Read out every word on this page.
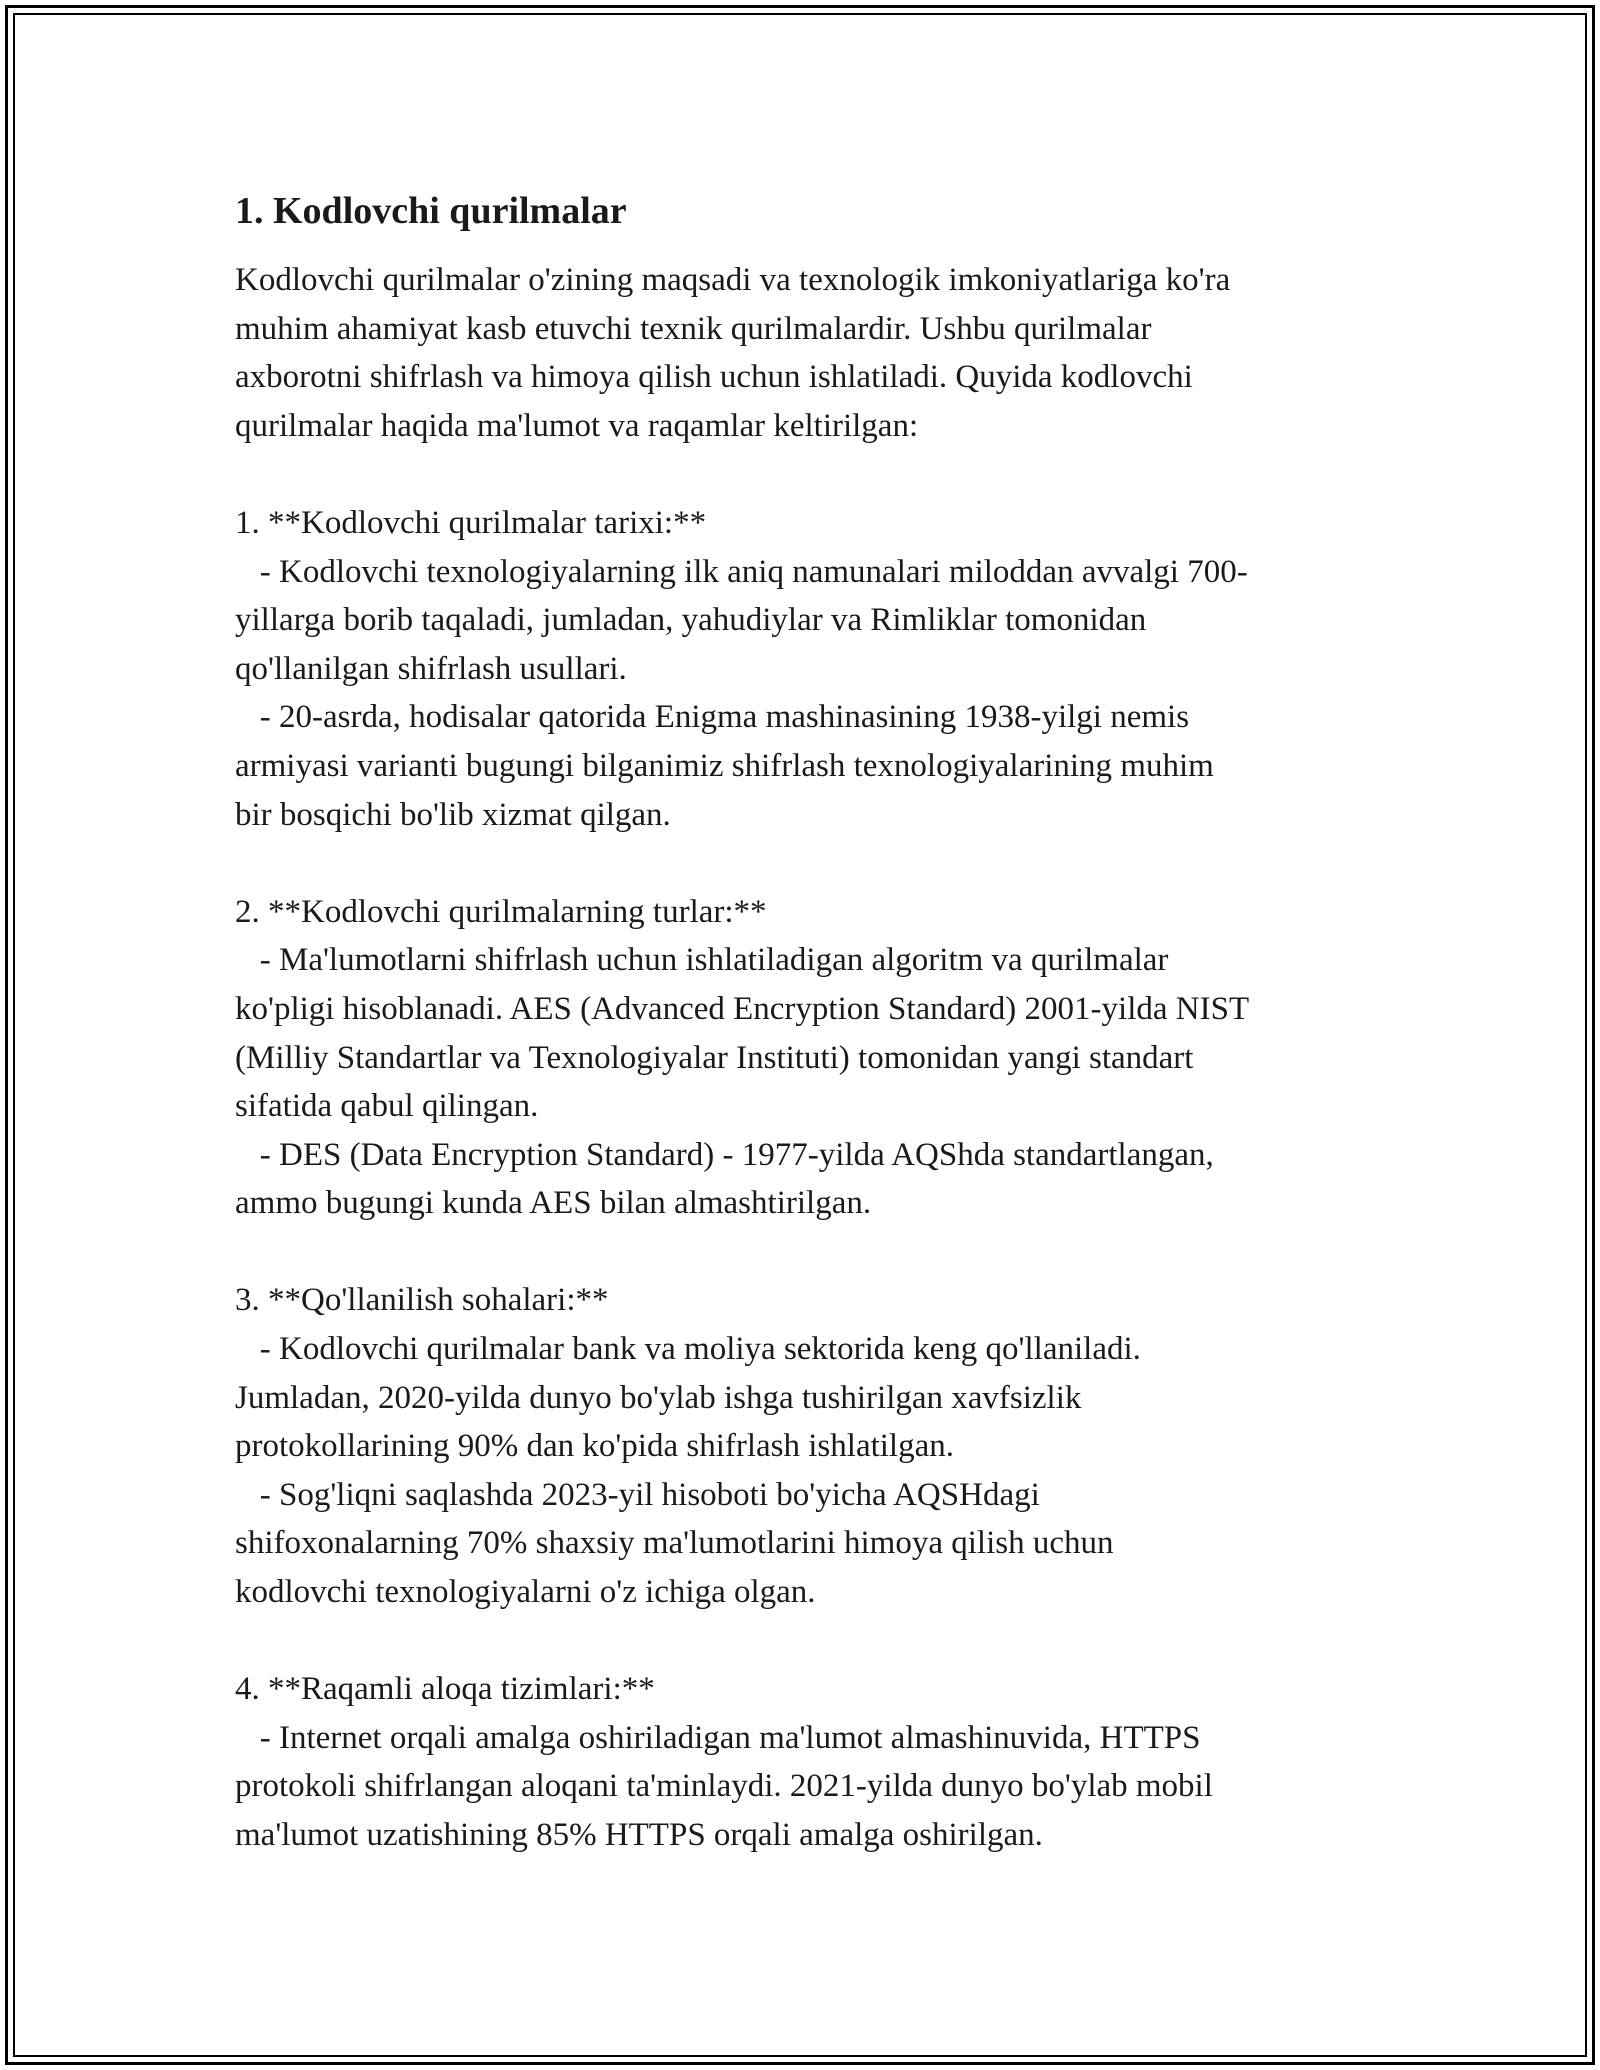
1. Kodlovchi qurilmalar

Kodlovchi qurilmalar o'zining maqsadi va texnologik imkoniyatlariga ko'ra
muhim ahamiyat kasb etuvchi texnik qurilmalardir. Ushbu qurilmalar
axborotni shifrlash va himoya qilish uchun ishlatiladi. Quyida kodlovchi
qurilmalar haqida ma'lumot va raqamlar keltirilgan:

1. **Kodlovchi qurilmalar tarixi:**
- Kodlovchi texnologiyalarning ilk aniq namunalari miloddan avvalgi 700-
yillarga borib taqaladi, jumladan, yahudiylar va Rimliklar tomonidan
qo'llanilgan shifrlash usullari.
- 20-asrda, hodisalar qatorida Enigma mashinasining 1938-yilgi nemis
armiyasi varianti bugungi bilganimiz shifrlash texnologiyalarining muhim
bir bosqichi bo'lib xizmat qilgan.

2. **Kodlovchi qurilmalarning turlar:**
- Ma'lumotlarni shifrlash uchun ishlatiladigan algoritm va qurilmalar
ko'pligi hisoblanadi. AES (Advanced Encryption Standard) 2001-yilda NIST
(Milliy Standartlar va Texnologiyalar Instituti) tomonidan yangi standart
sifatida qabul qilingan.
- DES (Data Encryption Standard) - 1977-yilda AQShda standartlangan,
ammo bugungi kunda AES bilan almashtirilgan.

3. **Qo'llanilish sohalari:**
- Kodlovchi qurilmalar bank va moliya sektorida keng qo'llaniladi.
Jumladan, 2020-yilda dunyo bo'ylab ishga tushirilgan xavfsizlik
protokollarining 90% dan ko'pida shifrlash ishlatilgan.
- Sog'liqni saqlashda 2023-yil hisoboti bo'yicha AQSHdagi
shifoxonalarning 70% shaxsiy ma'lumotlarini himoya qilish uchun
kodlovchi texnologiyalarni o'z ichiga olgan.

4. **Raqamli aloqa tizimlari:**
- Internet orqali amalga oshiriladigan ma'lumot almashinuvida, HTTPS
protokoli shifrlangan aloqani ta'minlaydi. 2021-yilda dunyo bo'ylab mobil
ma'lumot uzatishining 85% HTTPS orqali amalga oshirilgan.
